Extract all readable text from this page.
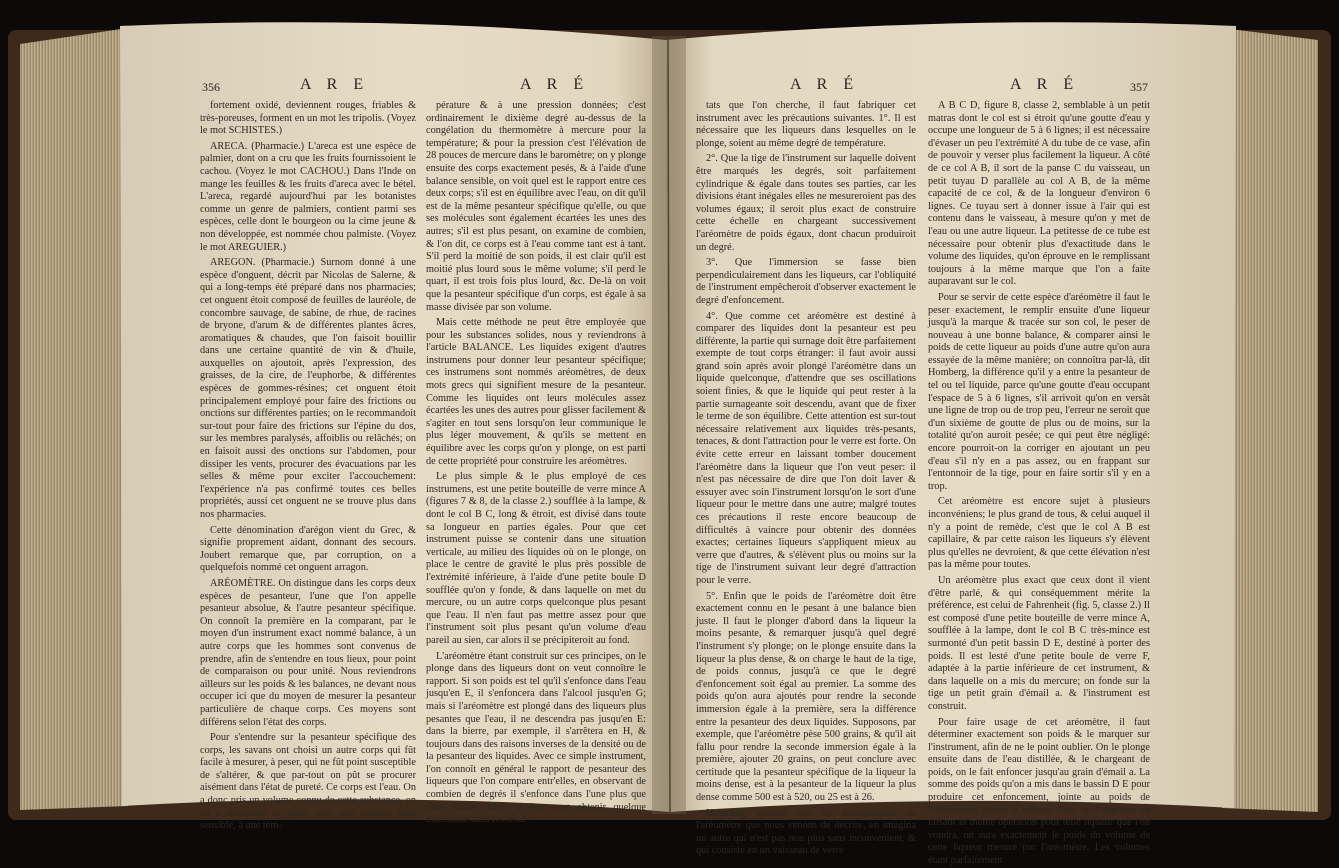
356	A R E	A R É	A R É	A R É	357

fortement oxidé, deviennent rouges, friables & très-poreuses, forment en un mot les tripolis. (Voyez le mot SCHISTES.)

ARECA. (Pharmacie.) L'areca est une espèce de palmier, dont on a cru que les fruits fournissoient le cachou. (Voyez le mot CACHOU.) Dans l'Inde on mange les feuilles & les fruits d'areca avec le bétel. L'areca, regardé aujourd'hui par les botanistes comme un genre de palmiers, contient parmi ses espèces, celle dont le bourgeon ou la cime jeune & non développée, est nommée chou palmiste. (Voyez le mot AREGUIER.)

AREGON. (Pharmacie.) Surnom donné à une espèce d'onguent, décrit par Nicolas de Salerne, & qui a long-temps été préparé dans nos pharmacies; cet onguent étoit composé de feuilles de lauréole, de concombre sauvage, de sabine, de rhue, de racines de bryone, d'arum & de différentes plantes âcres, aromatiques & chaudes, que l'on faisoit bouillir dans une certaine quantité de vin & d'huile, auxquelles on ajoutoit, après l'expression, des graisses, de la cire, de l'euphorbe, & différentes espèces de gommes-résines; cet onguent étoit principalement employé pour faire des frictions ou onctions sur différentes parties; on le recommandoit sur-tout pour faire des frictions sur l'épine du dos, sur les membres paralysés, affoiblis ou relâchés; on en faisoit aussi des onctions sur l'abdomen, pour dissiper les vents, procurer des évacuations par les selles & même pour exciter l'accouchement: l'expérience n'a pas confirmé toutes ces belles propriétés, aussi cet onguent ne se trouve plus dans nos pharmacies.

Cette dénomination d'arégon vient du Grec, & signifie proprement aidant, donnant des secours. Joubert remarque que, par corruption, on a quelquefois nommé cet onguent arragon.

ARÉOMÈTRE. On distingue dans les corps deux espèces de pesanteur, l'une que l'on appelle pesanteur absolue, & l'autre pesanteur spécifique. On connoît la première en la comparant, par le moyen d'un instrument exact nommé balance, à un autre corps que les hommes sont convenus de prendre, afin de s'entendre en tous lieux, pour point de comparaison ou pour unité. Nous reviendrons ailleurs sur les poids & les balances, ne devant nous occuper ici que du moyen de mesurer la pesanteur particulière de chaque corps. Ces moyens sont différens selon l'état des corps.

Pour s'entendre sur la pesanteur spécifique des corps, les savans ont choisi un autre corps qui fût facile à mesurer, à peser, qui ne fût point susceptible de s'altérer, & que par-tout on pût se procurer aisément dans l'état de pureté. Ce corps est l'eau. On a donc pris un volume connu de cette substance, on en a déterminé le poids avec une balance bien sensible, à une tem-

pérature & à une pression données; c'est ordinairement le dixième degré au-dessus de la congélation du thermomètre à mercure pour la température; & pour la pression c'est l'élévation de 28 pouces de mercure dans le baromètre; on y plonge ensuite des corps exactement pesés, & à l'aide d'une balance sensible, on voit quel est le rapport entre ces deux corps; s'il est en équilibre avec l'eau, on dit qu'il est de la même pesanteur spécifique qu'elle, ou que ses molécules sont également écartées les unes des autres; s'il est plus pesant, on examine de combien, & l'on dit, ce corps est à l'eau comme tant est à tant. S'il perd la moitié de son poids, il est clair qu'il est moitié plus lourd sous le même volume; s'il perd le quart, il est trois fois plus lourd, &c. De-là on voit que la pesanteur spécifique d'un corps, est égale à sa masse divisée par son volume.

Mais cette méthode ne peut être employée que pour les substances solides, nous y reviendrons à l'article BALANCE. Les liquides exigent d'autres instrumens pour donner leur pesanteur spécifique; ces instrumens sont nommés aréomètres, de deux mots grecs qui signifient mesure de la pesanteur. Comme les liquides ont leurs molécules assez écartées les unes des autres pour glisser facilement & s'agiter en tout sens lorsqu'on leur communique le plus léger mouvement, & qu'ils se mettent en équilibre avec les corps qu'on y plonge, on est parti de cette propriété pour construire les aréomètres.

Le plus simple & le plus employé de ces instrumens, est une petite bouteille de verre mince A (figures 7 & 8, de la classe 2.) soufflée à la lampe, & dont le col B C, long & étroit, est divisé dans toute sa longueur en parties égales. Pour que cet instrument puisse se contenir dans une situation verticale, au milieu des liquides où on le plonge, on place le centre de gravité le plus près possible de l'extrémité inférieure, à l'aide d'une petite boule D soufflée qu'on y fonde, & dans laquelle on met du mercure, ou un autre corps quelconque plus pesant que l'eau. Il n'en faut pas mettre assez pour que l'instrument soit plus pesant qu'un volume d'eau pareil au sien, car alors il se précipiteroit au fond.

L'aréomètre étant construit sur ces principes, on le plonge dans des liqueurs dont on veut connoître le rapport. Si son poids est tel qu'il s'enfonce dans l'eau jusqu'en E, il s'enfoncera dans l'alcool jusqu'en G; mais si l'aréomètre est plongé dans des liqueurs plus pesantes que l'eau, il ne descendra pas jusqu'en E: dans la bierre, par exemple, il s'arrêtera en H, & toujours dans des raisons inverses de la densité ou de la pesanteur des liquides. Avec ce simple instrument, l'on connoît en général le rapport de pesanteur des liqueurs que l'on compare entr'elles, en observant de combien de degrés il s'enfonce dans l'une plus que dans l'autre. Mais si l'on veut obtenir quelque exactitude dans les résul-

tats que l'on cherche, il faut fabriquer cet instrument avec les précautions suivantes. 1°. Il est nécessaire que les liqueurs dans lesquelles on le plonge, soient au même degré de température.

2°. Que la tige de l'instrument sur laquelle doivent être marqués les degrés, soit parfaitement cylindrique & égale dans toutes ses parties, car les divisions étant inégales elles ne mesureroient pas des volumes égaux; il seroit plus exact de construire cette échelle en chargeant successivement l'aréomètre de poids égaux, dont chacun produiroit un degré.

3°. Que l'immersion se fasse bien perpendiculairement dans les liqueurs, car l'obliquité de l'instrument empêcheroit d'observer exactement le degré d'enfoncement.

4°. Que comme cet aréomètre est destiné à comparer des liquides dont la pesanteur est peu différente, la partie qui surnage doit être parfaitement exempte de tout corps étranger: il faut avoir aussi grand soin après avoir plongé l'aréomètre dans un liquide quelconque, d'attendre que ses oscillations soient finies, & que le liquide qui peut rester à la partie surnageante soit descendu, avant que de fixer le terme de son équilibre. Cette attention est sur-tout nécessaire relativement aux liquides très-pesants, tenaces, & dont l'attraction pour le verre est forte. On évite cette erreur en laissant tomber doucement l'aréomètre dans la liqueur que l'on veut peser: il n'est pas nécessaire de dire que l'on doit laver & essuyer avec soin l'instrument lorsqu'on le sort d'une liqueur pour le mettre dans une autre; malgré toutes ces précautions il reste encore beaucoup de difficultés à vaincre pour obtenir des données exactes; certaines liqueurs s'appliquent mieux au verre que d'autres, & s'élèvent plus ou moins sur la tige de l'instrument suivant leur degré d'attraction pour le verre.

5°. Enfin que le poids de l'aréomètre doit être exactement connu en le pesant à une balance bien juste. Il faut le plonger d'abord dans la liqueur la moins pesante, & remarquer jusqu'à quel degré l'instrument s'y plonge; on le plonge ensuite dans la liqueur la plus dense, & on charge le haut de la tige, de poids connus, jusqu'à ce que le degré d'enfoncement soit égal au premier. La somme des poids qu'on aura ajoutés pour rendre la seconde immersion égale à la première, sera la différence entre la pesanteur des deux liquides. Supposons, par exemple, que l'aréomètre pèse 500 grains, & qu'il ait fallu pour rendre la seconde immersion égale à la première, ajouter 20 grains, on peut conclure avec certitude que la pesanteur spécifique de la liqueur la moins dense, est à la pesanteur de la liqueur la plus dense comme 500 est à 520, ou 25 est à 26.

Homberg, sentant tous les inconvéniens de l'aréomètre que nous venons de décrire, en imagina un autre qui n'est pas non plus sans inconvénient, & qui consiste en un vaisseau de verre

A B C D, figure 8, classe 2, semblable à un petit matras dont le col est si étroit qu'une goutte d'eau y occupe une longueur de 5 à 6 lignes; il est nécessaire d'évaser un peu l'extrémité A du tube de ce vase, afin de pouvoir y verser plus facilement la liqueur. A côté de ce col A B, il sort de la panse C du vaisseau, un petit tuyau D parallèle au col A B, de la même capacité de ce col, & de la longueur d'environ 6 lignes. Ce tuyau sert à donner issue à l'air qui est contenu dans le vaisseau, à mesure qu'on y met de l'eau ou une autre liqueur. La petitesse de ce tube est nécessaire pour obtenir plus d'exactitude dans le volume des liquides, qu'on éprouve en le remplissant toujours à la même marque que l'on a faite auparavant sur le col.

Pour se servir de cette espèce d'aréomètre il faut le peser exactement, le remplir ensuite d'une liqueur jusqu'à la marque & tracée sur son col, le peser de nouveau à une bonne balance, & comparer ainsi le poids de cette liqueur au poids d'une autre qu'on aura essayée de la même manière; on connoîtra par-là, dit Homberg, la différence qu'il y a entre la pesanteur de tel ou tel liquide, parce qu'une goutte d'eau occupant l'espace de 5 à 6 lignes, s'il arrivoit qu'on en versât une ligne de trop ou de trop peu, l'erreur ne seroit que d'un sixième de goutte de plus ou de moins, sur la totalité qu'on auroit pesée; ce qui peut être négligé: encore pourroit-on la corriger en ajoutant un peu d'eau s'il n'y en a pas assez, ou en frappant sur l'entonnoir de la tige, pour en faire sortir s'il y en a trop.

Cet aréomètre est encore sujet à plusieurs inconvéniens; le plus grand de tous, & celui auquel il n'y a point de remède, c'est que le col A B est capillaire, & par cette raison les liqueurs s'y élèvent plus qu'elles ne devroient, & que cette élévation n'est pas la même pour toutes.

Un aréomètre plus exact que ceux dont il vient d'être parlé, & qui conséquemment mérite la préférence, est celui de Fahrenheit (fig. 5, classe 2.) Il est composé d'une petite bouteille de verre mince A, soufflée à la lampe, dont le col B C très-mince est surmonté d'un petit bassin D E, destiné à porter des poids. Il est lesté d'une petite boule de verre F, adaptée à la partie inférieure de cet instrument, & dans laquelle on a mis du mercure; on fonde sur la tige un petit grain d'émail a. & l'instrument est construit.

Pour faire usage de cet aréomètre, il faut déterminer exactement son poids & le marquer sur l'instrument, afin de ne le point oublier. On le plonge ensuite dans de l'eau distillée, & le chargeant de poids, on le fait enfoncer jusqu'au grain d'émail a. La somme des poids qu'on a mis dans le bassin D E pour produire cet enfoncement, jointe au poids de l'instrument, donne le volume d'eau qu'il déplace; on faisant la même opération pour telle liqueur que l'on voudra, on aura exactement le poids du volume de cette liqueur mesuré par l'aréomètre. Les volumes étant parfaitement
